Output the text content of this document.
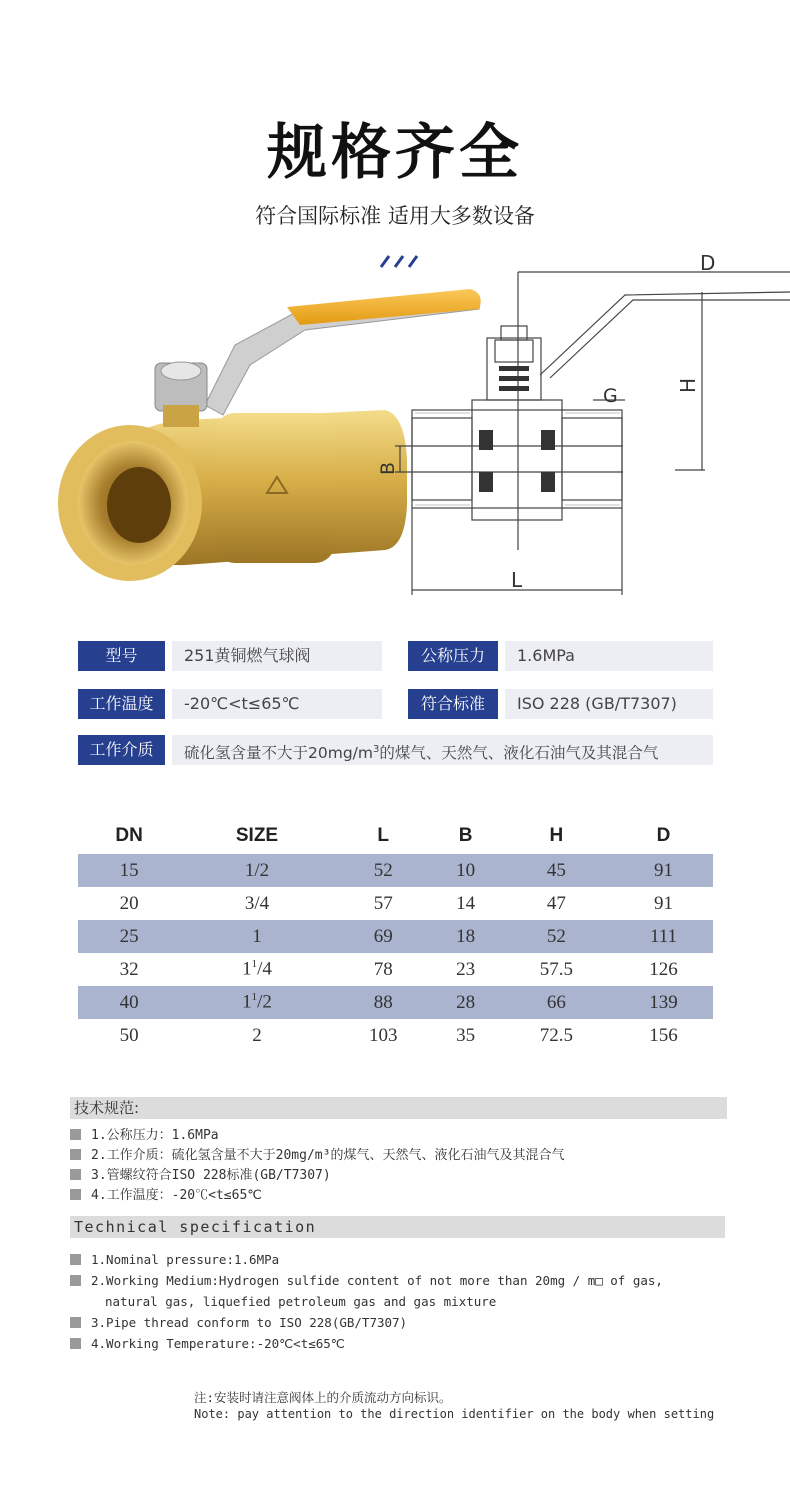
规格齐全
符合国际标准 适用大多数设备
D
H
G
B
L
型号	251黄铜燃气球阀	公称压力	1.6MPa
工作温度	-20℃<t≤65℃	符合标准	ISO 228 (GB/T7307)
工作介质	硫化氢含量不大于$20mg/m^3$的煤气、天然气、液化石油气及其混合气
DN	SIZE	L	B	H	D
15	1/2	52	10	45	91
20	3/4	57	14	47	91
25	1	69	18	52	111
32	$1^1/4$	78	23	57.5	126
40	$1^1/2$	88	28	66	139
50	2	103	35	72.5	156
技术规范:
1.公称压力：1.6MPa
2.工作介质：硫化氢含量不大于20mg/m³的煤气、天然气、液化石油气及其混合气
3.管螺纹符合ISO 228标准(GB/T7307)
4.工作温度：-20℃<t≤65℃
Technical specification
1.Nominal pressure:1.6MPa
2.Working Medium:Hydrogen sulfide content of not more than 20mg / m□ of gas,
natural gas, liquefied petroleum gas and gas mixture
3.Pipe thread conform to ISO 228(GB/T7307)
4.Working Temperature:-20℃<t≤65℃
注:安装时请注意阀体上的介质流动方向标识。
Note: pay attention to the direction identifier on the body when setting
